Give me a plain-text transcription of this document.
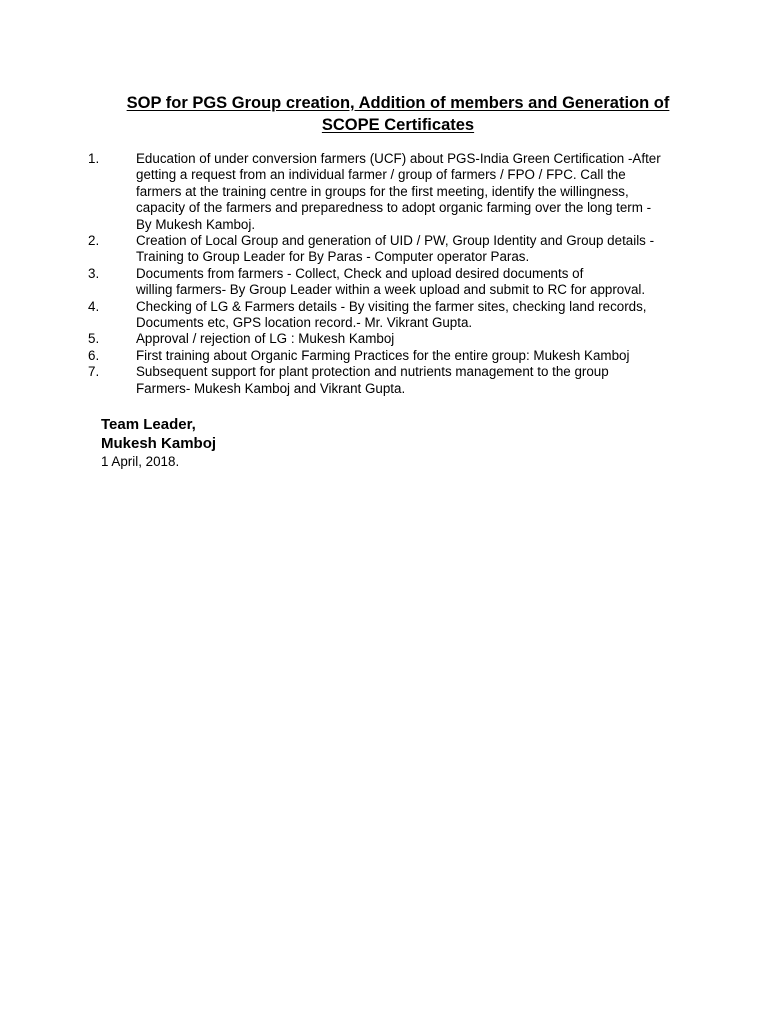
SOP for PGS Group creation, Addition of members and Generation of
SCOPE Certificates
1.	Education of under conversion farmers (UCF) about PGS-India Green Certification -After
getting a request from an individual farmer / group of farmers / FPO / FPC. Call the
farmers at the training centre in groups for the first meeting, identify the willingness,
capacity of the farmers and preparedness to adopt organic farming over the long term -
By Mukesh Kamboj.
2.	Creation of Local Group and generation of UID / PW, Group Identity and Group details -
Training to Group Leader for By Paras - Computer operator Paras.
3.	Documents from farmers - Collect, Check and upload desired documents of
willing farmers- By Group Leader within a week upload and submit to RC for approval.
4.	Checking of LG & Farmers details - By visiting the farmer sites, checking land records,
Documents etc, GPS location record.- Mr. Vikrant Gupta.
5.	Approval / rejection of LG : Mukesh Kamboj
6.	First training about Organic Farming Practices for the entire group: Mukesh Kamboj
7.	Subsequent support for plant protection and nutrients management to the group
Farmers- Mukesh Kamboj and Vikrant Gupta.
Team Leader,
Mukesh Kamboj
1 April, 2018.
